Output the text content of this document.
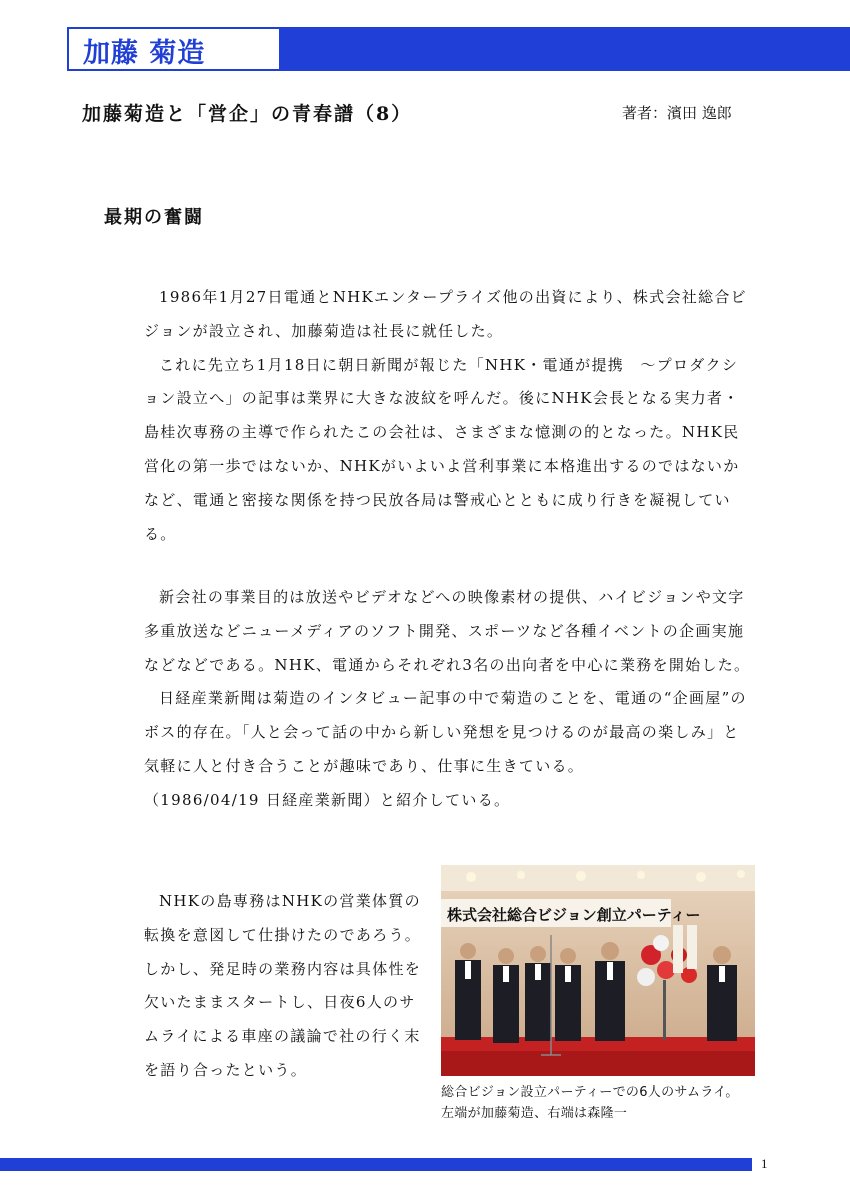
加藤 菊造
加藤菊造と「営企」の青春譜（8）	著者：濱田 逸郎
最期の奮闘

1986年1月27日電通とNHKエンタープライズ他の出資により、株式会社総合ビジョンが設立され、加藤菊造は社長に就任した。

これに先立ち1月18日に朝日新聞が報じた「NHK・電通が提携　～プロダクション設立へ」の記事は業界に大きな波紋を呼んだ。後にNHK会長となる実力者・島桂次専務の主導で作られたこの会社は、さまざまな憶測の的となった。NHK民営化の第一歩ではないか、NHKがいよいよ営利事業に本格進出するのではないかなど、電通と密接な関係を持つ民放各局は警戒心とともに成り行きを凝視している。

新会社の事業目的は放送やビデオなどへの映像素材の提供、ハイビジョンや文字多重放送などニューメディアのソフト開発、スポーツなど各種イベントの企画実施などなどである。NHK、電通からそれぞれ3名の出向者を中心に業務を開始した。

日経産業新聞は菊造のインタビュー記事の中で菊造のことを、電通の“企画屋”のボス的存在。「人と会って話の中から新しい発想を見つけるのが最高の楽しみ」と気軽に人と付き合うことが趣味であり、仕事に生きている。

（1986/04/19 日経産業新聞）と紹介している。

NHKの島専務はNHKの営業体質の転換を意図して仕掛けたのであろう。しかし、発足時の業務内容は具体性を欠いたままスタートし、日夜6人のサムライによる車座の議論で社の行く末を語り合ったという。

株式会社総合ビジョン創立パーティー
総合ビジョン設立パーティーでの6人のサムライ。
左端が加藤菊造、右端は森隆一
1
